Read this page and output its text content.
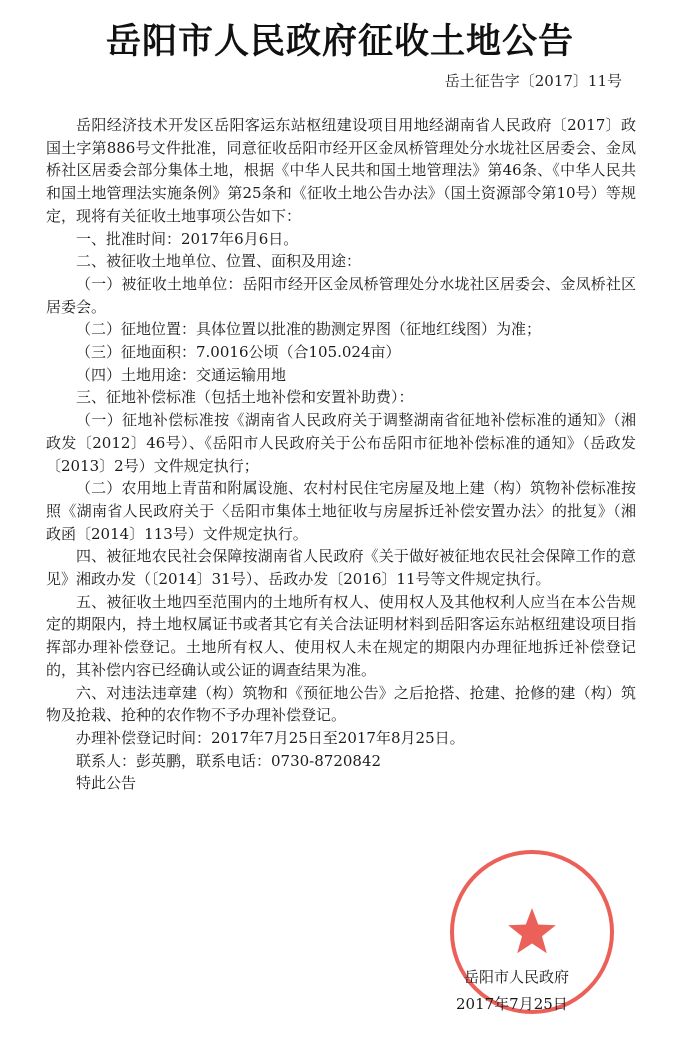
岳阳市人民政府征收土地公告
岳土征告字〔2017〕11号

岳阳经济技术开发区岳阳客运东站枢纽建设项目用地经湖南省人民政府〔2017〕政国土字第886号文件批准，同意征收岳阳市经开区金凤桥管理处分水垅社区居委会、金凤桥社区居委会部分集体土地，根据《中华人民共和国土地管理法》第46条、《中华人民共和国土地管理法实施条例》第25条和《征收土地公告办法》（国土资源部令第10号）等规定，现将有关征收土地事项公告如下：

一、批准时间：2017年6月6日。

二、被征收土地单位、位置、面积及用途：

（一）被征收土地单位：岳阳市经开区金凤桥管理处分水垅社区居委会、金凤桥社区居委会。

（二）征地位置：具体位置以批准的勘测定界图（征地红线图）为准；

（三）征地面积：7.0016公顷（合105.024亩）

（四）土地用途：交通运输用地

三、征地补偿标准（包括土地补偿和安置补助费）：

（一）征地补偿标准按《湖南省人民政府关于调整湖南省征地补偿标准的通知》（湘政发〔2012〕46号）、《岳阳市人民政府关于公布岳阳市征地补偿标准的通知》（岳政发〔2013〕2号）文件规定执行；

（二）农用地上青苗和附属设施、农村村民住宅房屋及地上建（构）筑物补偿标准按照《湖南省人民政府关于〈岳阳市集体土地征收与房屋拆迁补偿安置办法〉的批复》（湘政函〔2014〕113号）文件规定执行。

四、被征地农民社会保障按湖南省人民政府《关于做好被征地农民社会保障工作的意见》湘政办发（〔2014〕31号）、岳政办发〔2016〕11号等文件规定执行。

五、被征收土地四至范围内的土地所有权人、使用权人及其他权利人应当在本公告规定的期限内，持土地权属证书或者其它有关合法证明材料到岳阳客运东站枢纽建设项目指挥部办理补偿登记。土地所有权人、使用权人未在规定的期限内办理征地拆迁补偿登记的，其补偿内容已经确认或公证的调查结果为准。

六、对违法违章建（构）筑物和《预征地公告》之后抢搭、抢建、抢修的建（构）筑物及抢栽、抢种的农作物不予办理补偿登记。

办理补偿登记时间：2017年7月25日至2017年8月25日。

联系人：彭英鹏，联系电话：0730-8720842

特此公告

岳阳市人民政府
2017年7月25日
